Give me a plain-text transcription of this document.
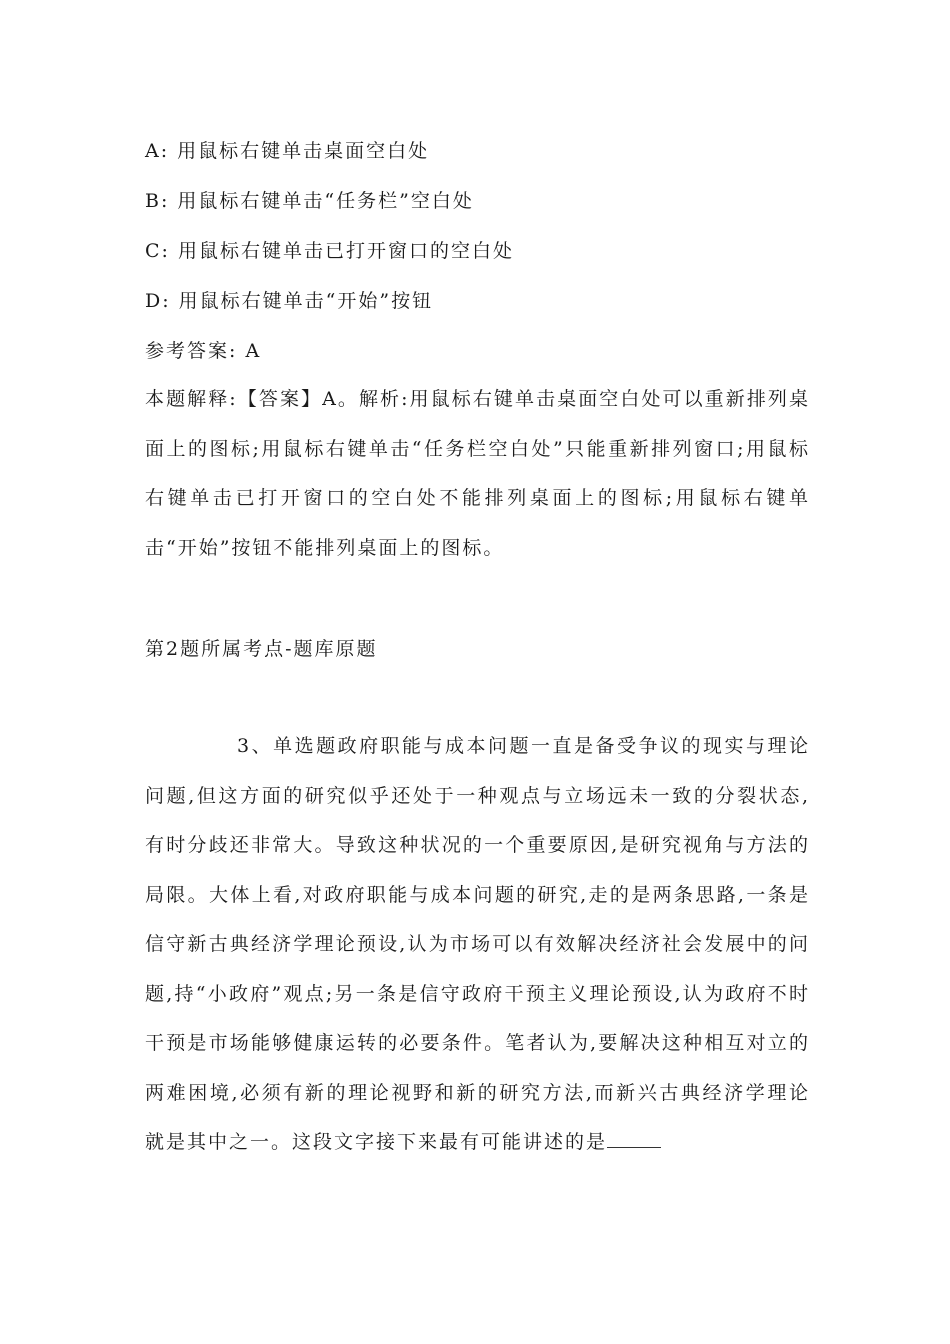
A: 用鼠标右键单击桌面空白处
B: 用鼠标右键单击“任务栏”空白处
C: 用鼠标右键单击已打开窗口的空白处
D: 用鼠标右键单击“开始”按钮
参考答案: A

本题解释:【答案】A。解析:用鼠标右键单击桌面空白处可以重新排列桌面上的图标;用鼠标右键单击“任务栏空白处”只能重新排列窗口;用鼠标右键单击已打开窗口的空白处不能排列桌面上的图标;用鼠标右键单击“开始”按钮不能排列桌面上的图标。

第2题所属考点-题库原题

3、单选题政府职能与成本问题一直是备受争议的现实与理论问题,但这方面的研究似乎还处于一种观点与立场远未一致的分裂状态,有时分歧还非常大。导致这种状况的一个重要原因,是研究视角与方法的局限。大体上看,对政府职能与成本问题的研究,走的是两条思路,一条是信守新古典经济学理论预设,认为市场可以有效解决经济社会发展中的问题,持“小政府”观点;另一条是信守政府干预主义理论预设,认为政府不时干预是市场能够健康运转的必要条件。笔者认为,要解决这种相互对立的两难困境,必须有新的理论视野和新的研究方法,而新兴古典经济学理论就是其中之一。这段文字接下来最有可能讲述的是
